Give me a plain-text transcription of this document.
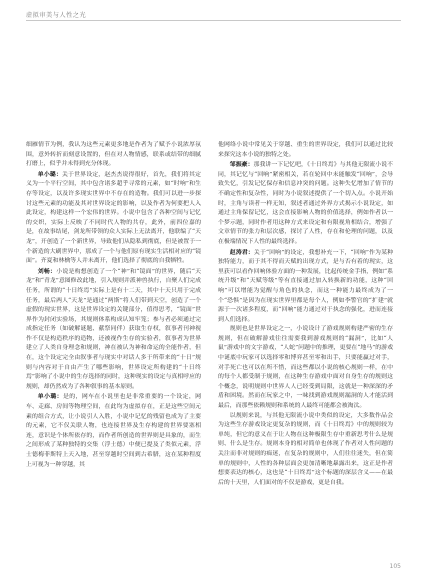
虚拟审美与人性之光

细雁情节为例，我认为这些元素更多地是作者为了赋予小说浓厚氛围，意外转折而刻意设置的，但在对人物情感，联系或结带的细腻打磨上，似乎并未得到充分体现。

单小璐：关于世界设定，赵杰杰说得很好，首先，我们将其定义为一个平行空间，其中包含诸多超乎寻常的元素，如“时响”和生存等设定，以及许多现实世界中不存在的造物。我们可以进一步探讨这些元素的功能及其对世界设定的影响，以及作者为何要把人入此设定，构建这样一个宏伟的世界。小说中包含了各种空间与记忆的交织，实际上反映了不同时代人物的共存，此外，前四位嘉的是，在故事结尾，剑龙所带领的众人实际上无法离开，他联编了“天龙”，开创造了一个新世界，导致他们从隐私到彻底，但是被置于一个新造的大刷世界中，那成了一个与他们原有现实生活相对应的“镜面”。齐夏和林檎等人并未离开，他们选择了彻底的自我牺牲。

刘畅：小说是构想创造了一个“神”和“镜面”的世界，随后“天龙”和“青龙”意图修改此地，引入规则并派神兽执行，自聚人们完成任务，所谓的“十日终焉”实际上是有十二天，其中十天只用于完成任务，最后两人“天龙”是通过“两斯”将人们带到天空，创造了一个虚假的现实世界，这是世界设定的关键部分，值得思考，“镜面”世界作为封闭实验场，其规则体系构成认知牢笼；参与者必须通过完成指定任务（如破解谜题、献祭同伴）获取生存权，叙事者刊神视作不仅是构造秩序的造物，还被视作生存的实验者，叙事者为世界建立了人类自身理念和规则，神在被认为神和命运的全能作者，但在，这个设定完全由叙事者与现实中对话人多于所带来的“十日”规则与内容对于自由产生了哪些影响，世界设定所构建的“十日终焉”影响了小说中的生存选择的同时，这种现实的设定与真相呼应的规则，却仍然成为了各种叙事的基本原则。

单小璐：是的，网车在小说里也是非常重要的一个设定，网车、走廊、房间等物理空间，在此均为虚拟存在，正是这些空间元素的组合方式，让小说引人入胜，小说中记忆的残留也成为了主要的元素，它不仅关联人物，也连接世界及生存构建的世界要塞相连，意识是个体所依存的，而作者所创造的世界则是具象的，而生之间形成了某种独特的交集（浮士德）中便已提及了类似元素，浮士德梅菲斯特上天入地，甚至穿越时空间到古希腊，这在某种程度上可视为一种穿越，其

他网络小说中常见关于穿越、重生的世界设定，我们可以通过比较来探究这本小说的独特之处。

邹振豪：那我讲一下记忆吧，《十日终焉》与其他无限流小说不同，其记忆与“回响”紧密相关，若在轮回中未能触发“回响”，会导致失忆，引发记忆保存和信息冲突的问题。这种失忆增加了情节的不确定性和复杂性，同时为小说叙述提供了一个切入点。小说开始时，主角与读者一样无知，叙述者通过外界方式揭示小说设定，如通过主角保留记忆，这会直接影响人物的价值选择，例如作者以一个梦示题，同时作者用这种方式来设定和有限视角相结合，增强了文章情节的张力和层次感，探讨了人性，存在和伦理的问题，以及在极端情况下人性的最终选择。

赵涛君：关于“回响”的设定，我想补充一下，“回响”作为某种独特能力，而于其不得而天赋的出现方式，是与否有着的现实，这里获可以看作回响体验方面的一种发展，比起传统金手指，例如“系统升级”和“天赋等级”等有直接通过加入转换新的功能，这种“回响”可以增能为觉醒与角色的执念，而这一种能力最终成为了一个“恐惧”是因为在现实世界里都是每个人，例如李警官的“扩建”就源于一次诸多程度，而“回响”能力通过对于执念的强化，进而连接到人们选择。

规则也是世界设定之一，小说设计了游戏规则构建严密的生存规则，但在破解游戏往往需要我到游戏规则的“漏洞”，比如“人鼠”游戏中的文字游戏，“人蛇”问题中的推理，更要在“地马”的游戏中谜底中玩家可以选择零和博弈甚至零和出手，只要能赢过对手，对手死亡也可以在所不惜，而这些都以小说的核心规则一样，在中的每个人都受制于规则，在这种生存游戏中面对自身生存的规则这个概念，说明规则中世界人人已经受到局限，这就是一种深深的矛盾和困境。然而在玩家之中，一味找到游戏规则漏洞的人才能活到最后，而那些依赖规则和系统的人最终可能都会被淘汰。

以规则来说，与其他无限流小说中类似的设定，大多数作品会为这些生存游戏设定更复杂的规则，而《十日终焉》中的规则较为单纯，但它的意义在于让人物在这种极限生存中重新思考什么是规则、什么是生存。规则本身的相对简单也体现了作者对人性问题的关注而非对规则的痴迷，在复杂的规则中，人们往往迷失，但在简单的规则中，人性的各种层面会更加清晰地暴露出来，这正是作者想要表达的核心，这也是“十日终焉”这个标题的深层含义——在最后的十天里，人们面对的不仅是游戏，更是自我。

105
